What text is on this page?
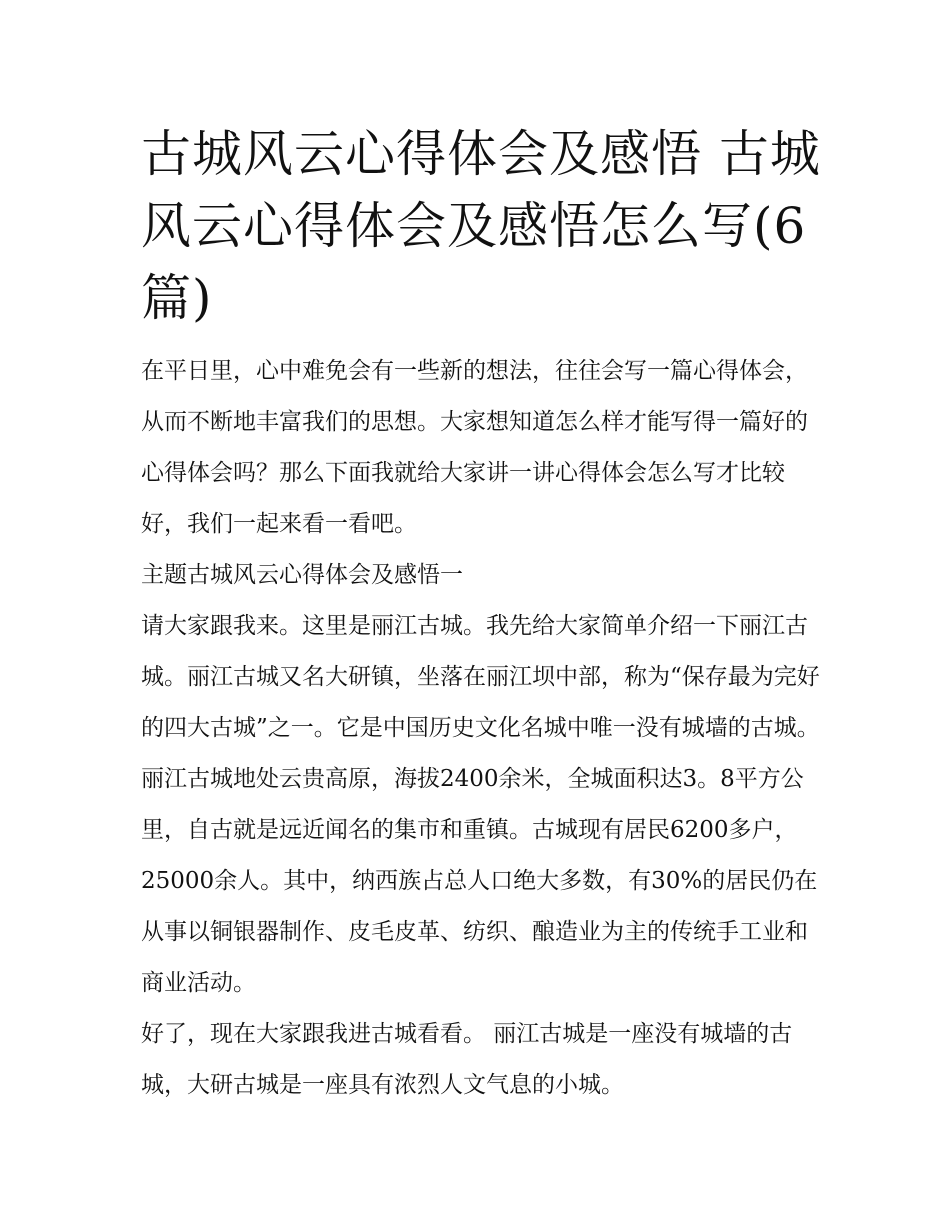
古城风云心得体会及感悟 古城风云心得体会及感悟怎么写(6篇)

在平日里，心中难免会有一些新的想法，往往会写一篇心得体会，从而不断地丰富我们的思想。大家想知道怎么样才能写得一篇好的心得体会吗？那么下面我就给大家讲一讲心得体会怎么写才比较好，我们一起来看一看吧。

主题古城风云心得体会及感悟一

请大家跟我来。这里是丽江古城。我先给大家简单介绍一下丽江古城。丽江古城又名大研镇，坐落在丽江坝中部，称为“保存最为完好的四大古城”之一。它是中国历史文化名城中唯一没有城墙的古城。丽江古城地处云贵高原，海拔2400余米，全城面积达3。8平方公里，自古就是远近闻名的集市和重镇。古城现有居民6200多户，25000余人。其中，纳西族占总人口绝大多数，有30%的居民仍在从事以铜银器制作、皮毛皮革、纺织、酿造业为主的传统手工业和商业活动。

好了，现在大家跟我进古城看看。 丽江古城是一座没有城墙的古城，大研古城是一座具有浓烈人文气息的小城。
